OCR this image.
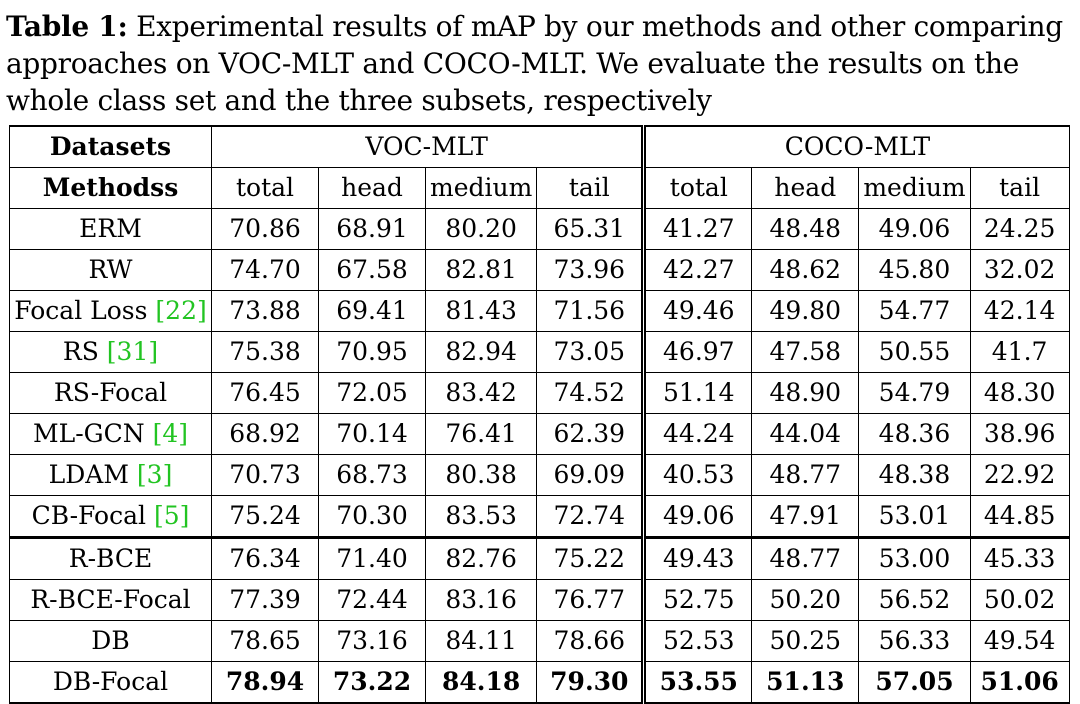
Table 1: Experimental results of mAP by our methods and other comparing approaches on VOC-MLT and COCO-MLT. We evaluate the results on the whole class set and the three subsets, respectively
Datasets	VOC-MLT				COCO-MLT			
Methodss	total	head	medium	tail	total	head	medium	tail
ERM	70.86	68.91	80.20	65.31	41.27	48.48	49.06	24.25
RW	74.70	67.58	82.81	73.96	42.27	48.62	45.80	32.02
Focal Loss [22]	73.88	69.41	81.43	71.56	49.46	49.80	54.77	42.14
RS [31]	75.38	70.95	82.94	73.05	46.97	47.58	50.55	41.7
RS-Focal	76.45	72.05	83.42	74.52	51.14	48.90	54.79	48.30
ML-GCN [4]	68.92	70.14	76.41	62.39	44.24	44.04	48.36	38.96
LDAM [3]	70.73	68.73	80.38	69.09	40.53	48.77	48.38	22.92
CB-Focal [5]	75.24	70.30	83.53	72.74	49.06	47.91	53.01	44.85
R-BCE	76.34	71.40	82.76	75.22	49.43	48.77	53.00	45.33
R-BCE-Focal	77.39	72.44	83.16	76.77	52.75	50.20	56.52	50.02
DB	78.65	73.16	84.11	78.66	52.53	50.25	56.33	49.54
DB-Focal	78.94	73.22	84.18	79.30	53.55	51.13	57.05	51.06
